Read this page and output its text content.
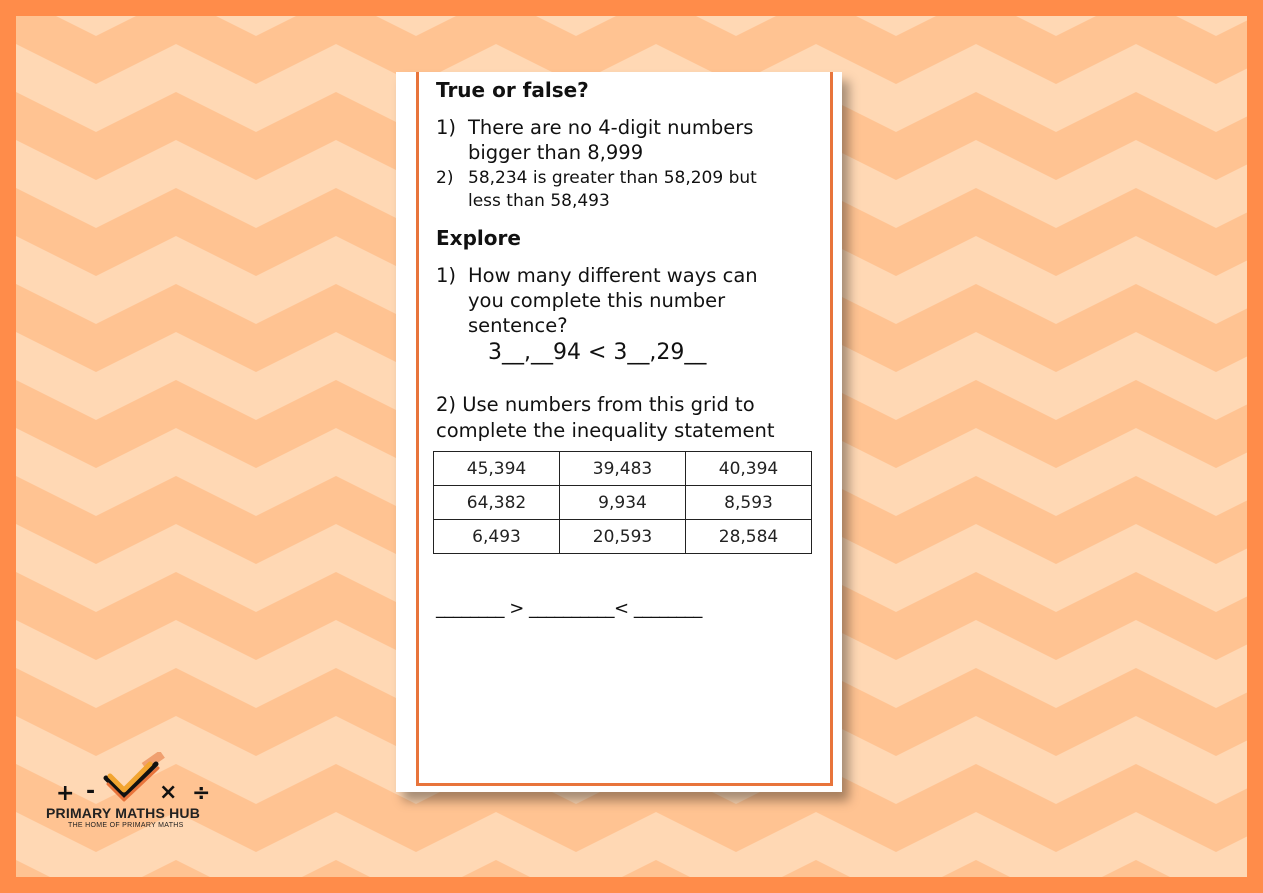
True or false?
1) There are no 4-digit numbers
bigger than 8,999
2) 58,234 is greater than 58,209 but
less than 58,493
Explore
1) How many different ways can
you complete this number
sentence?
3__,__94 < 3__,29__
2) Use numbers from this grid to
complete the inequality statement
45,394	39,483	40,394
64,382	9,934	8,593
6,493	20,593	28,584
________ > __________< ________
+ -	× ÷
PRIMARY MATHS HUB
THE HOME OF PRIMARY MATHS
